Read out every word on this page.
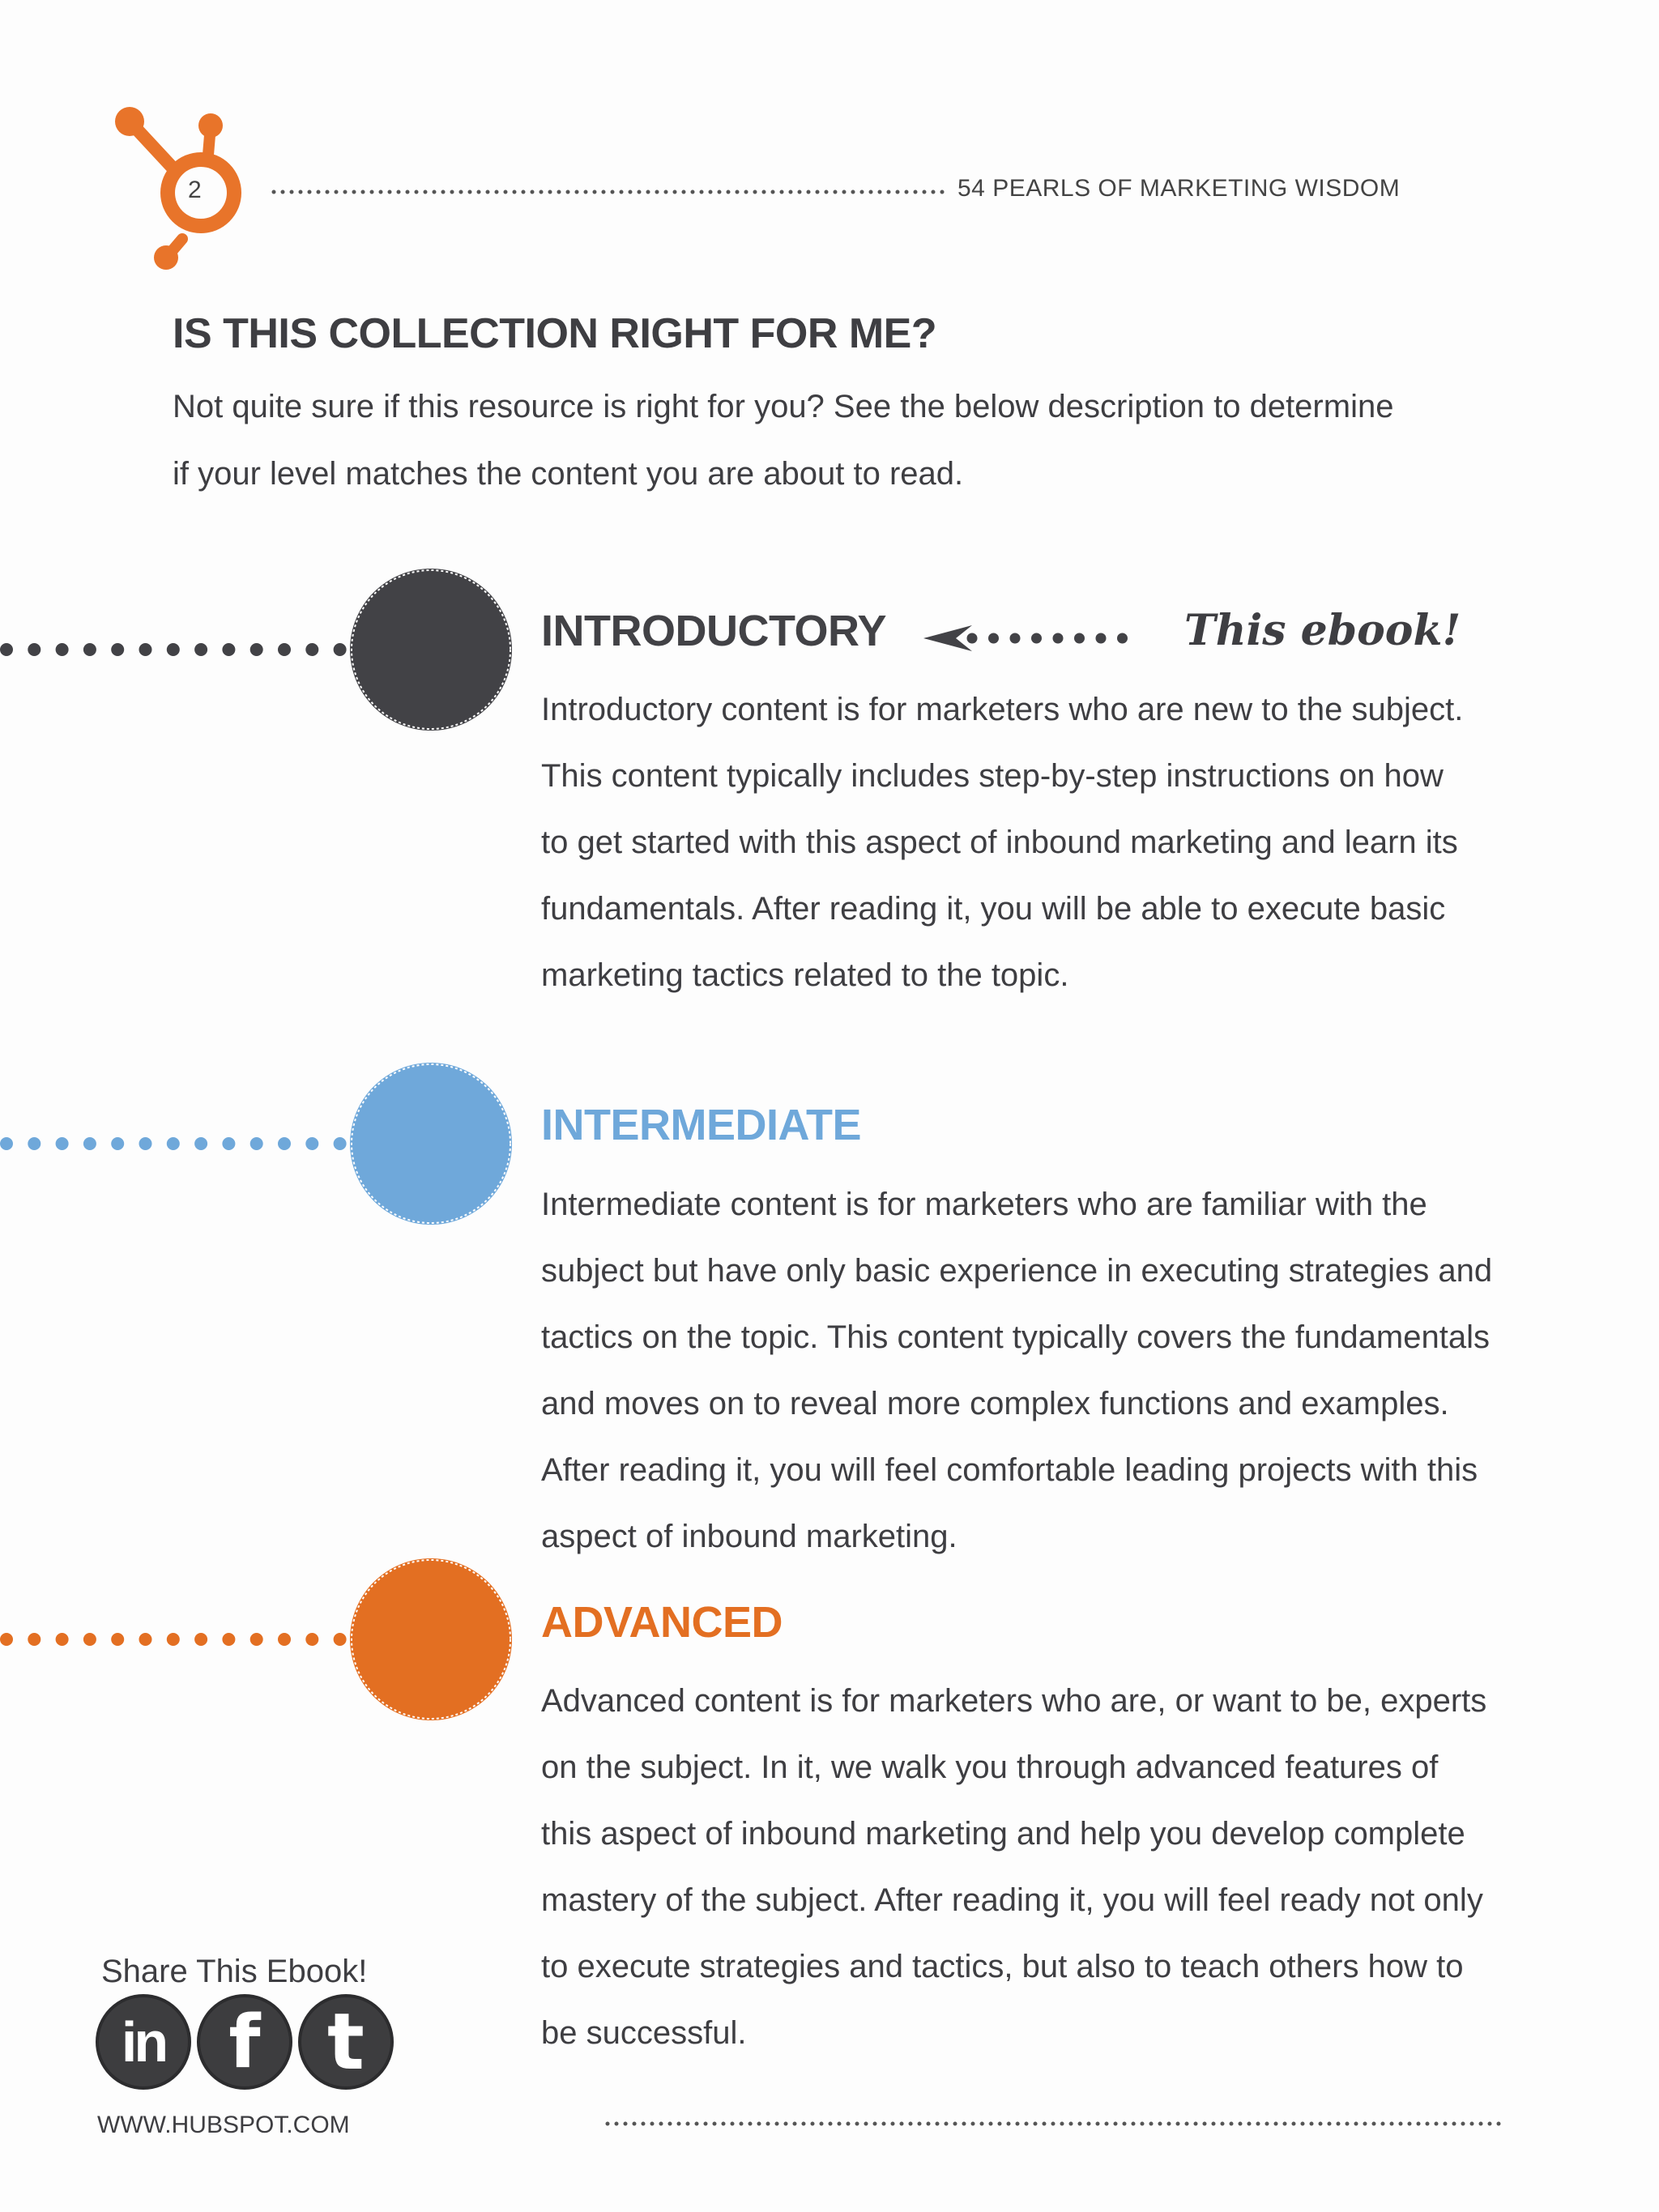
2	54 PEARLS OF MARKETING WISDOM
IS THIS COLLECTION RIGHT FOR ME?
Not quite sure if this resource is right for you? See the below description to determine
if your level matches the content you are about to read.
INTRODUCTORY	This ebook!
Introductory content is for marketers who are new to the subject.
This content typically includes step-by-step instructions on how
to get started with this aspect of inbound marketing and learn its
fundamentals. After reading it, you will be able to execute basic
marketing tactics related to the topic.
INTERMEDIATE
Intermediate content is for marketers who are familiar with the
subject but have only basic experience in executing strategies and
tactics on the topic. This content typically covers the fundamentals
and moves on to reveal more complex functions and examples.
After reading it, you will feel comfortable leading projects with this
aspect of inbound marketing.
ADVANCED
Advanced content is for marketers who are, or want to be, experts
on the subject. In it, we walk you through advanced features of
this aspect of inbound marketing and help you develop complete
mastery of the subject. After reading it, you will feel ready not only
to execute strategies and tactics, but also to teach others how to
be successful.
Share This Ebook!
in f t
WWW.HUBSPOT.COM
